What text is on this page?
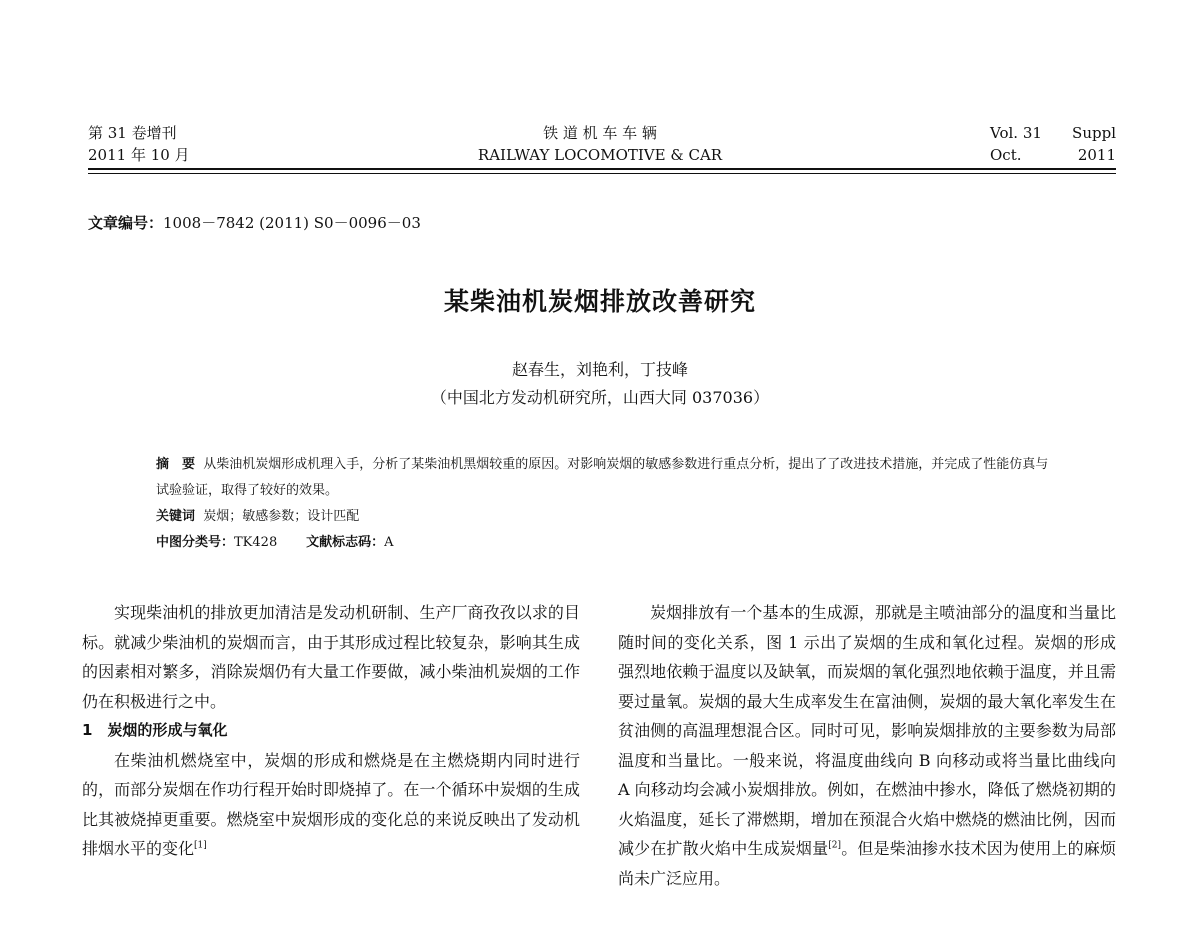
第 31 卷增刊
2011 年 10 月
铁 道 机 车 车 辆
RAILWAY LOCOMOTIVE & CAR
Vol. 31 Suppl
Oct.	2011
文章编号：1008－7842 (2011) S0－0096－03
某柴油机炭烟排放改善研究
赵春生，刘艳利，丁技峰
（中国北方发动机研究所，山西大同 037036）
摘　要 从柴油机炭烟形成机理入手，分析了某柴油机黑烟较重的原因。对影响炭烟的敏感参数进行重点分析，提出了了改进技术措施，并完成了性能仿真与试验验证，取得了较好的效果。
关键词 炭烟；敏感参数；设计匹配
中图分类号：TK428 文献标志码：A

实现柴油机的排放更加清洁是发动机研制、生产厂商孜孜以求的目标。就减少柴油机的炭烟而言，由于其形成过程比较复杂，影响其生成的因素相对繁多，消除炭烟仍有大量工作要做，减小柴油机炭烟的工作仍在积极进行之中。

1　炭烟的形成与氧化

在柴油机燃烧室中，炭烟的形成和燃烧是在主燃烧期内同时进行的，而部分炭烟在作功行程开始时即烧掉了。在一个循环中炭烟的生成比其被烧掉更重要。燃烧室中炭烟形成的变化总的来说反映出了发动机排烟水平的变化[1]

炭烟排放有一个基本的生成源，那就是主喷油部分的温度和当量比随时间的变化关系，图 1 示出了炭烟的生成和氧化过程。炭烟的形成强烈地依赖于温度以及缺氧，而炭烟的氧化强烈地依赖于温度，并且需要过量氧。炭烟的最大生成率发生在富油侧，炭烟的最大氧化率发生在贫油侧的高温理想混合区。同时可见，影响炭烟排放的主要参数为局部温度和当量比。一般来说，将温度曲线向 B 向移动或将当量比曲线向 A 向移动均会减小炭烟排放。例如，在燃油中掺水，降低了燃烧初期的火焰温度，延长了滞燃期，增加在预混合火焰中燃烧的燃油比例，因而减少在扩散火焰中生成炭烟量[2]。但是柴油掺水技术因为使用上的麻烦尚未广泛应用。
